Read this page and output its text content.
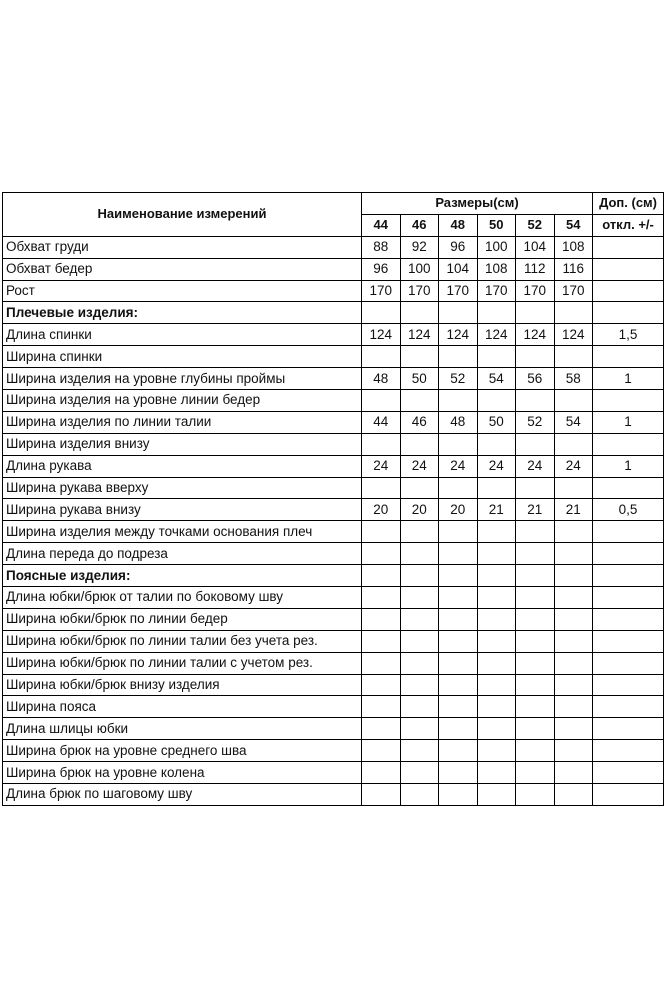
Наименование измерений	Размеры(см)						Доп. (см)
	44	46	48	50	52	54	откл. +/-
Обхват груди	88	92	96	100	104	108	
Обхват бедер	96	100	104	108	112	116	
Рост	170	170	170	170	170	170	
Плечевые изделия:							
Длина спинки	124	124	124	124	124	124	1,5
Ширина спинки							
Ширина изделия на уровне глубины проймы	48	50	52	54	56	58	1
Ширина изделия на уровне линии бедер							
Ширина изделия по линии талии	44	46	48	50	52	54	1
Ширина изделия внизу							
Длина рукава	24	24	24	24	24	24	1
Ширина рукава вверху							
Ширина рукава внизу	20	20	20	21	21	21	0,5
Ширина изделия между точками основания плеч							
Длина переда до подреза							
Поясные изделия:							
Длина юбки/брюк от талии по боковому шву							
Ширина юбки/брюк по линии бедер							
Ширина юбки/брюк по линии талии без учета рез.							
Ширина юбки/брюк по линии талии с учетом рез.							
Ширина юбки/брюк внизу изделия							
Ширина пояса							
Длина шлицы юбки							
Ширина брюк на уровне среднего шва							
Ширина брюк на уровне колена							
Длина брюк по шаговому шву							
